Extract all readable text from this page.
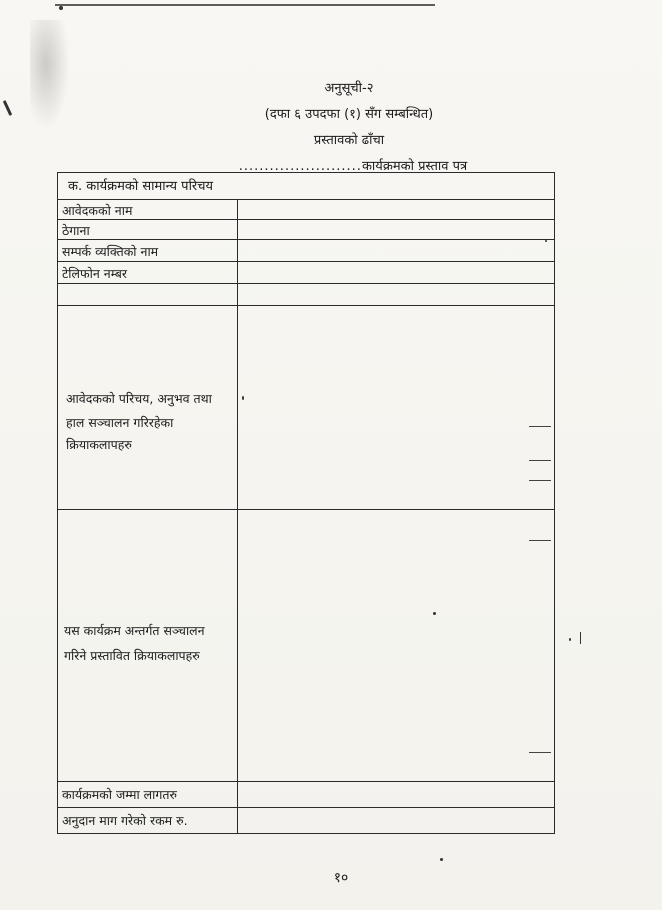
अनुसूची-२
(दफा ६ उपदफा (१) सँग सम्बन्धित)
प्रस्तावको ढाँचा
........................कार्यक्रमको प्रस्ताव पत्र
क. कार्यक्रमको सामान्य परिचय
आवेदकको नाम
ठेगाना
सम्पर्क व्यक्तिको नाम
टेलिफोन नम्बर
आवेदकको परिचय, अनुभव तथा
हाल सञ्चालन गरिरहेका
क्रियाकलापहरु
यस कार्यक्रम अन्तर्गत सञ्चालन
गरिने प्रस्तावित क्रियाकलापहरु
कार्यक्रमको जम्मा लागतरु
अनुदान माग गरेको रकम रु.
१०
